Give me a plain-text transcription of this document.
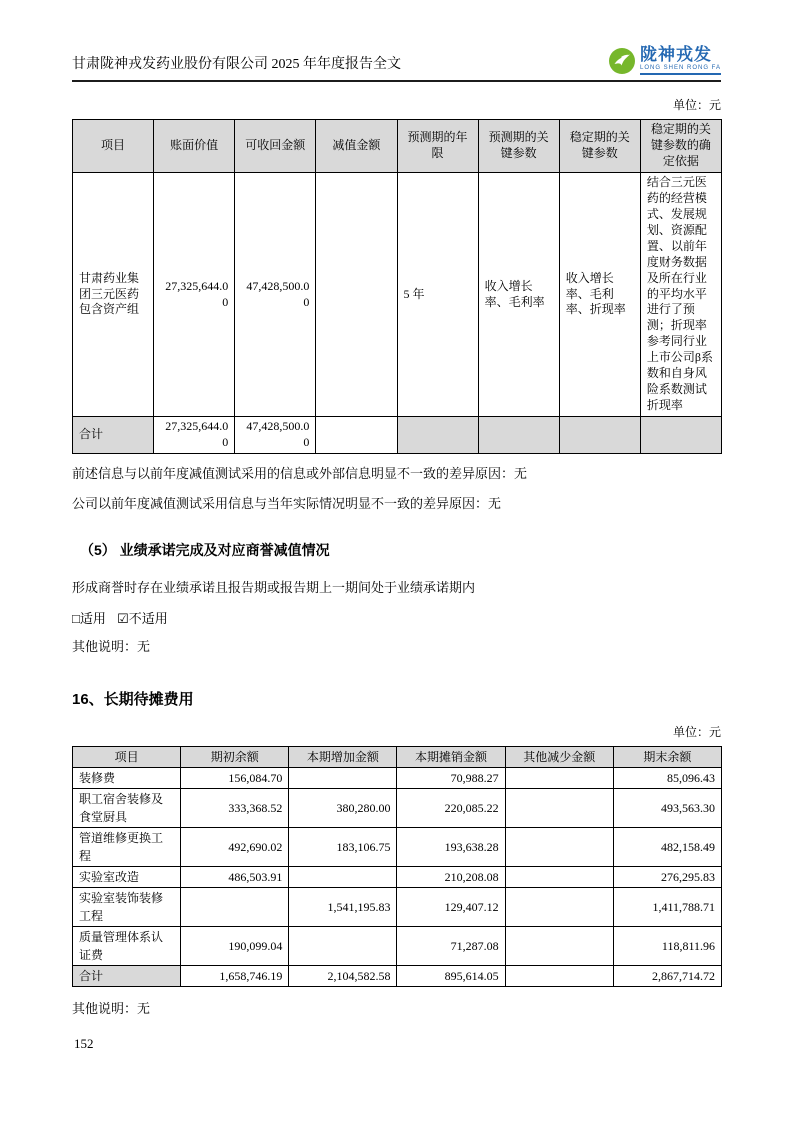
甘肃陇神戎发药业股份有限公司 2025 年年度报告全文
陇神戎发
LONG SHEN RONG FA
单位：元
项目	账面价值	可收回金额	减值金额	预测期的年限	预测期的关键参数	稳定期的关键参数	稳定期的关键参数的确定依据
甘肃药业集团三元医药包含资产组	27,325,644.00	47,428,500.00		5 年	收入增长率、毛利率	收入增长率、毛利率、折现率	结合三元医药的经营模式、发展规划、资源配置、以前年度财务数据及所在行业的平均水平进行了预测；折现率参考同行业上市公司β系数和自身风险系数测试折现率
合计	27,325,644.00	47,428,500.00					

前述信息与以前年度减值测试采用的信息或外部信息明显不一致的差异原因：无

公司以前年度减值测试采用信息与当年实际情况明显不一致的差异原因：无

（5） 业绩承诺完成及对应商誉减值情况

形成商誉时存在业绩承诺且报告期或报告期上一期间处于业绩承诺期内

□适用 ☑不适用

其他说明：无

16、长期待摊费用
单位：元
项目	期初余额	本期增加金额	本期摊销金额	其他减少金额	期末余额
装修费	156,084.70		70,988.27		85,096.43
职工宿舍装修及食堂厨具	333,368.52	380,280.00	220,085.22		493,563.30
管道维修更换工程	492,690.02	183,106.75	193,638.28		482,158.49
实验室改造	486,503.91		210,208.08		276,295.83
实验室装饰装修工程		1,541,195.83	129,407.12		1,411,788.71
质量管理体系认证费	190,099.04		71,287.08		118,811.96
合计	1,658,746.19	2,104,582.58	895,614.05		2,867,714.72

其他说明：无

152
